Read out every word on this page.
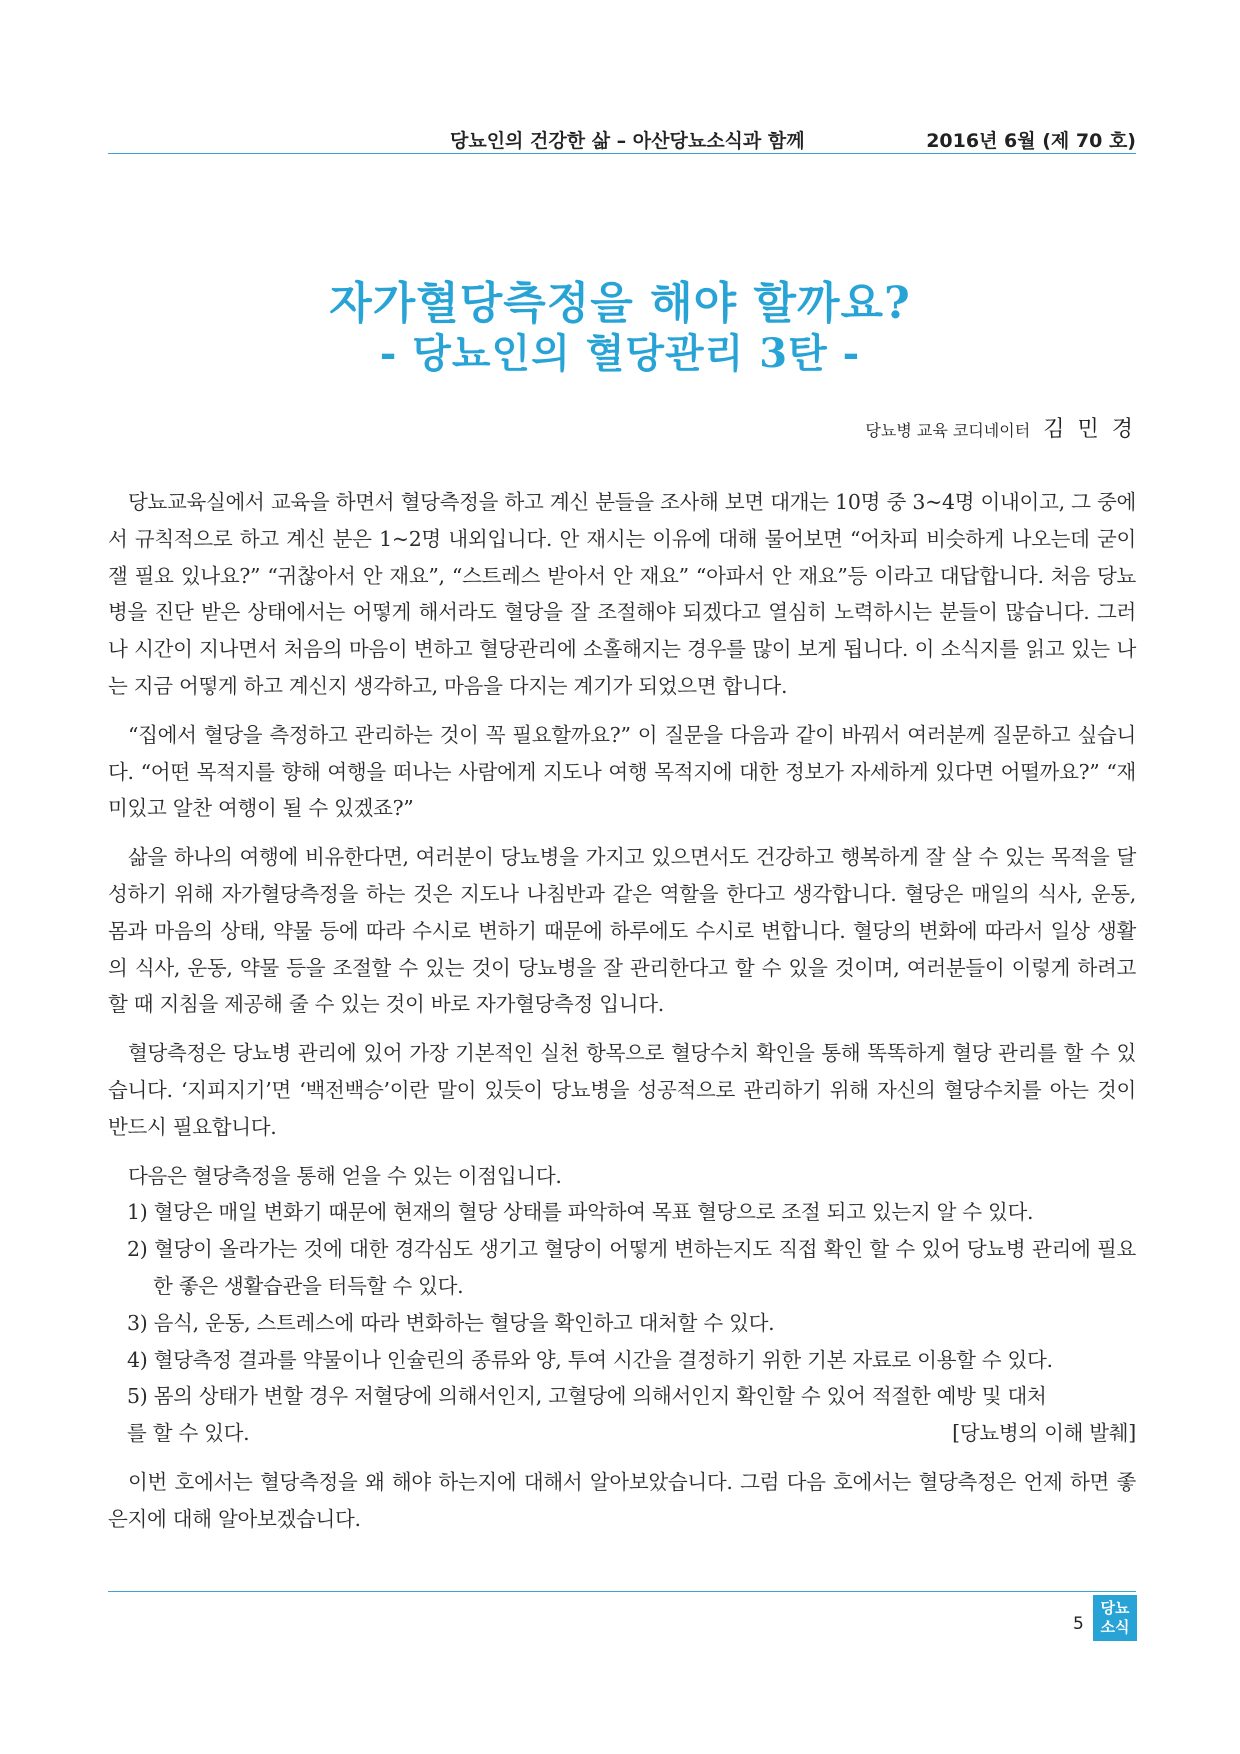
당뇨인의 건강한 삶 – 아산당뇨소식과 함께	2016년 6월 (제 70 호)
자가혈당측정을 해야 할까요?
- 당뇨인의 혈당관리 3탄 -
당뇨병 교육 코디네이터 김 민 경

당뇨교육실에서 교육을 하면서 혈당측정을 하고 계신 분들을 조사해 보면 대개는 10명 중 3~4명 이내이고, 그 중에서 규칙적으로 하고 계신 분은 1~2명 내외입니다. 안 재시는 이유에 대해 물어보면 “어차피 비슷하게 나오는데 굳이 잴 필요 있나요?” “귀찮아서 안 재요”, “스트레스 받아서 안 재요” “아파서 안 재요”등 이라고 대답합니다. 처음 당뇨병을 진단 받은 상태에서는 어떻게 해서라도 혈당을 잘 조절해야 되겠다고 열심히 노력하시는 분들이 많습니다. 그러나 시간이 지나면서 처음의 마음이 변하고 혈당관리에 소홀해지는 경우를 많이 보게 됩니다. 이 소식지를 읽고 있는 나는 지금 어떻게 하고 계신지 생각하고, 마음을 다지는 계기가 되었으면 합니다.

“집에서 혈당을 측정하고 관리하는 것이 꼭 필요할까요?” 이 질문을 다음과 같이 바꿔서 여러분께 질문하고 싶습니다. “어떤 목적지를 향해 여행을 떠나는 사람에게 지도나 여행 목적지에 대한 정보가 자세하게 있다면 어떨까요?” “재미있고 알찬 여행이 될 수 있겠죠?”

삶을 하나의 여행에 비유한다면, 여러분이 당뇨병을 가지고 있으면서도 건강하고 행복하게 잘 살 수 있는 목적을 달성하기 위해 자가혈당측정을 하는 것은 지도나 나침반과 같은 역할을 한다고 생각합니다. 혈당은 매일의 식사, 운동, 몸과 마음의 상태, 약물 등에 따라 수시로 변하기 때문에 하루에도 수시로 변합니다. 혈당의 변화에 따라서 일상 생활의 식사, 운동, 약물 등을 조절할 수 있는 것이 당뇨병을 잘 관리한다고 할 수 있을 것이며, 여러분들이 이렇게 하려고 할 때 지침을 제공해 줄 수 있는 것이 바로 자가혈당측정 입니다.

혈당측정은 당뇨병 관리에 있어 가장 기본적인 실천 항목으로 혈당수치 확인을 통해 똑똑하게 혈당 관리를 할 수 있습니다. ‘지피지기’면 ‘백전백승’이란 말이 있듯이 당뇨병을 성공적으로 관리하기 위해 자신의 혈당수치를 아는 것이 반드시 필요합니다.

다음은 혈당측정을 통해 얻을 수 있는 이점입니다.
1) 혈당은 매일 변화기 때문에 현재의 혈당 상태를 파악하여 목표 혈당으로 조절 되고 있는지 알 수 있다.
2) 혈당이 올라가는 것에 대한 경각심도 생기고 혈당이 어떻게 변하는지도 직접 확인 할 수 있어 당뇨병 관리에 필요한 좋은 생활습관을 터득할 수 있다.
3) 음식, 운동, 스트레스에 따라 변화하는 혈당을 확인하고 대처할 수 있다.
4) 혈당측정 결과를 약물이나 인슐린의 종류와 양, 투여 시간을 결정하기 위한 기본 자료로 이용할 수 있다.
5) 몸의 상태가 변할 경우 저혈당에 의해서인지, 고혈당에 의해서인지 확인할 수 있어 적절한 예방 및 대처
를 할 수 있다.	[당뇨병의 이해 발췌]

이번 호에서는 혈당측정을 왜 해야 하는지에 대해서 알아보았습니다. 그럼 다음 호에서는 혈당측정은 언제 하면 좋은지에 대해 알아보겠습니다.

5
당뇨
소식
